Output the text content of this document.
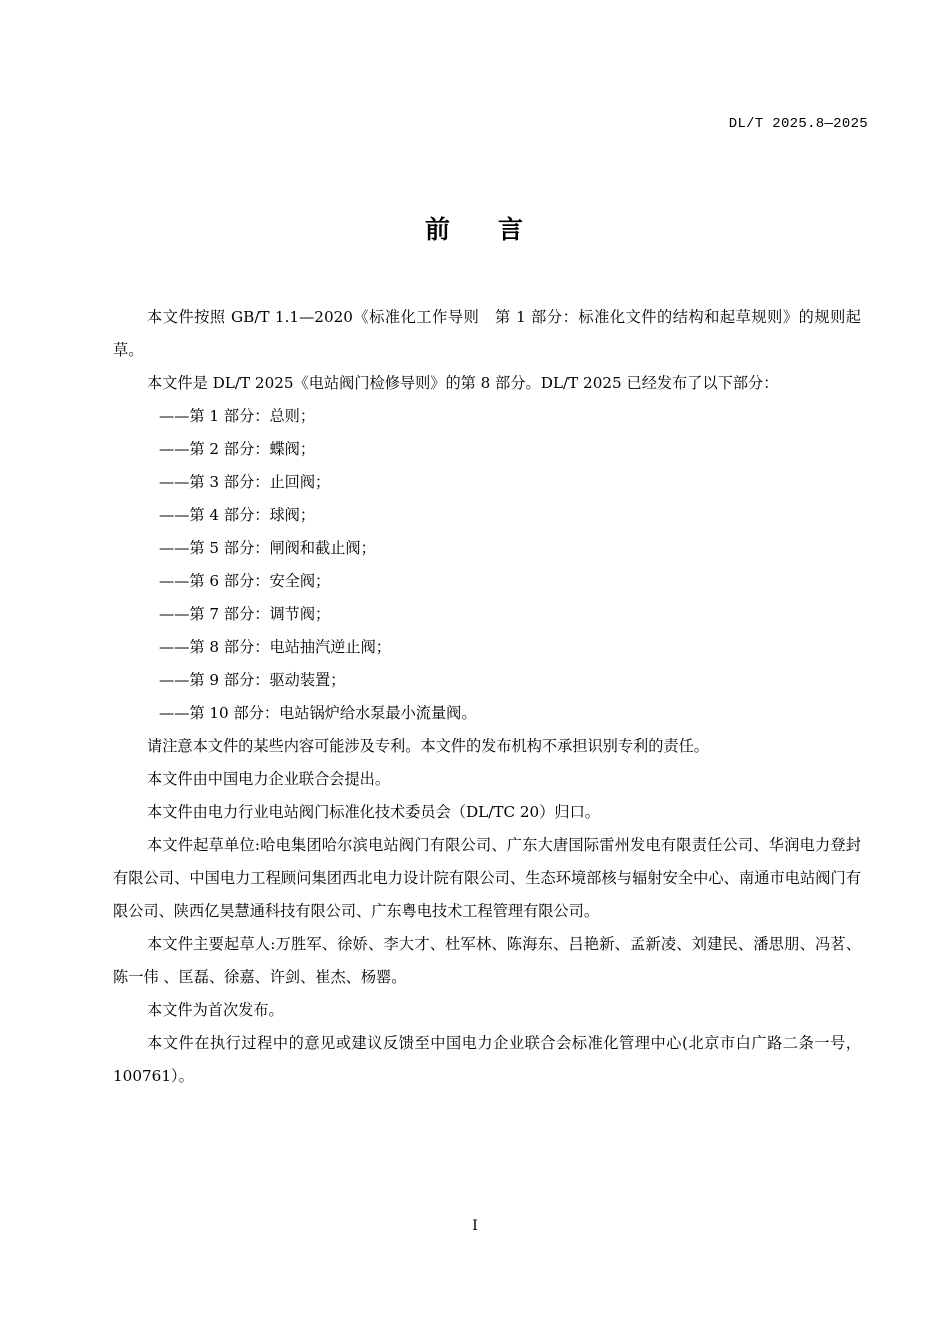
DL/T 2025.8—2025
前 言

本文件按照 GB/T 1.1—2020《标准化工作导则　第 1 部分：标准化文件的结构和起草规则》的规则起草。

本文件是 DL/T 2025《电站阀门检修导则》的第 8 部分。DL/T 2025 已经发布了以下部分：

——第 1 部分：总则；

——第 2 部分：蝶阀；

——第 3 部分：止回阀；

——第 4 部分：球阀；

——第 5 部分：闸阀和截止阀；

——第 6 部分：安全阀；

——第 7 部分：调节阀；

——第 8 部分：电站抽汽逆止阀；

——第 9 部分：驱动装置；

——第 10 部分：电站锅炉给水泵最小流量阀。

请注意本文件的某些内容可能涉及专利。本文件的发布机构不承担识别专利的责任。

本文件由中国电力企业联合会提出。

本文件由电力行业电站阀门标准化技术委员会（DL/TC 20）归口。

本文件起草单位:哈电集团哈尔滨电站阀门有限公司、广东大唐国际雷州发电有限责任公司、华润电力登封有限公司、中国电力工程顾问集团西北电力设计院有限公司、生态环境部核与辐射安全中心、南通市电站阀门有限公司、陕西亿昊慧通科技有限公司、广东粤电技术工程管理有限公司。

本文件主要起草人:万胜军、徐娇、李大才、杜军林、陈海东、吕艳新、孟新凌、刘建民、潘思朋、冯茗、陈一伟 、匡磊、徐嘉、许剑、崔杰、杨罂。

本文件为首次发布。

本文件在执行过程中的意见或建议反馈至中国电力企业联合会标准化管理中心(北京市白广路二条一号，100761）。

I
